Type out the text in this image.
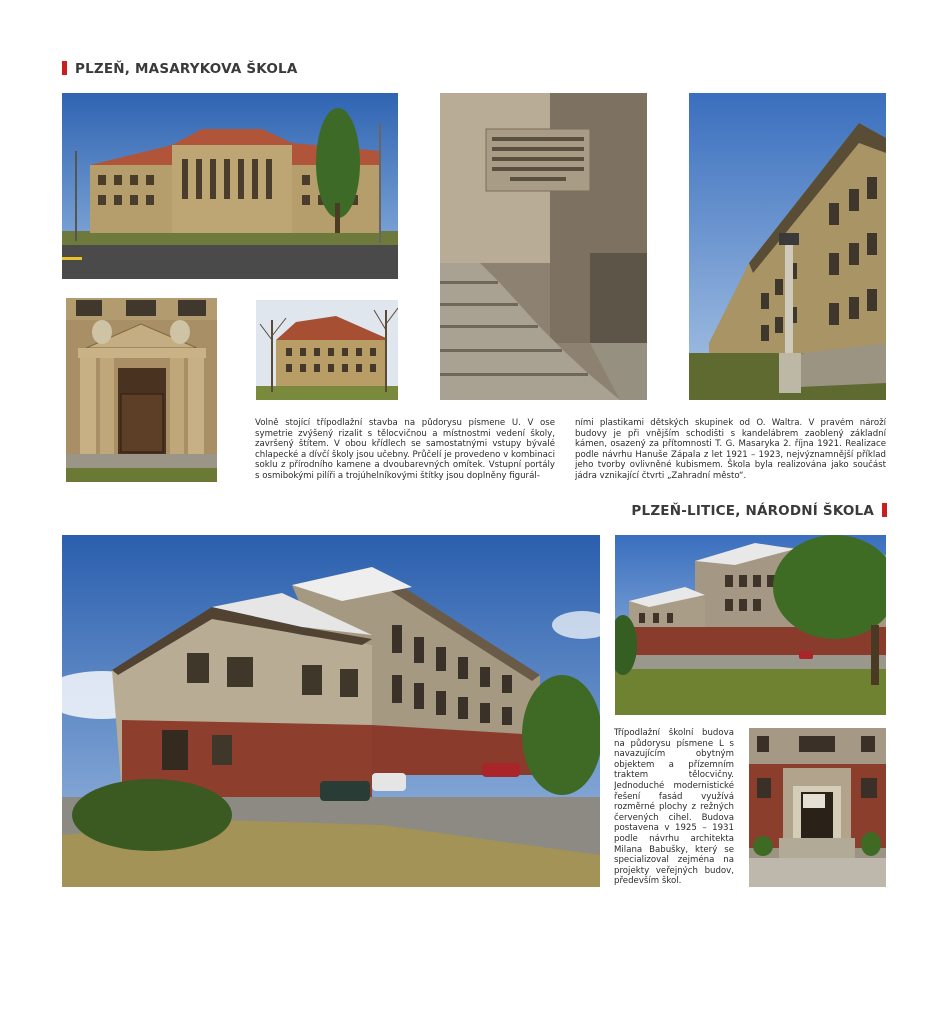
PLZEŇ, MASARYKOVA ŠKOLA

Volně stojící třípodlažní stavba na půdorysu písmene U. V ose symetrie zvýšený rizalit s tělocvičnou a místnostmi vedení školy, završený štítem. V obou křídlech se samostatnými vstupy bývalé chlapecké a dívčí školy jsou učebny. Průčelí je provedeno v kombinaci soklu z přírodního kamene a dvoubarevných omítek. Vstupní portály s osmibokými pilíři a trojúhelníkovými štítky jsou doplněny figurál-

ními plastikami dětských skupinek od O. Waltra. V pravém nároží budovy je při vnějším schodišti s kandelábrem zaoblený základní kámen, osazený za přítomnosti T. G. Masaryka 2. října 1921. Realizace podle návrhu Hanuše Zápala z let 1921 – 1923, nejvýznamnější příklad jeho tvorby ovlivněné kubismem. Škola byla realizována jako součást jádra vznikající čtvrti „Zahradní město“.

PLZEŇ-LITICE, NÁRODNÍ ŠKOLA

Třípodlažní školní budova na půdorysu písmene L s navazujícím obytným objektem a přízemním traktem tělocvičny. Jednoduché modernistické řešení fasád využívá rozměrné plochy z režných červených cihel. Budova postavena v 1925 – 1931 podle návrhu architekta Milana Babušky, který se specializoval zejména na projekty veřejných budov, především škol.
